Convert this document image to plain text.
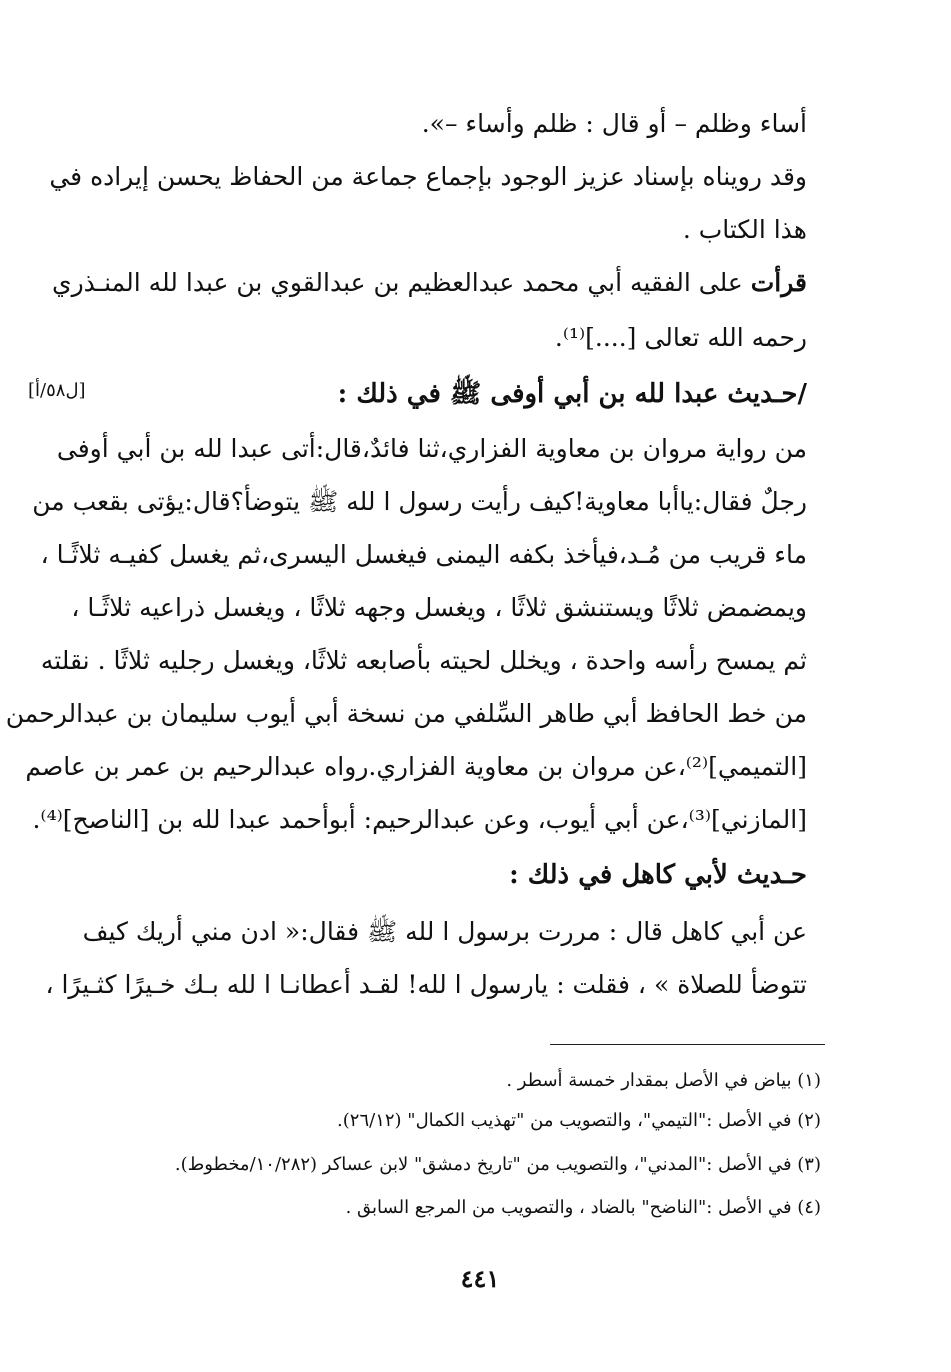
أساء وظلم – أو قال : ظلم وأساء –».
وقد رويناه بإسناد عزيز الوجود بإجماع جماعة من الحفاظ يحسن إيراده في
هذا الكتاب .
قرأت على الفقيه أبي محمد عبدالعظيم بن عبدالقوي بن عبدا لله المنـذري
رحمه الله تعالى [....]⁽¹⁾.
/حـديث عبدا لله بن أبي أوفى ﷺ في ذلك :
[ل٥٨/أ]
من رواية مروان بن معاوية الفزاري،ثنا فائدٌ،قال:أتى عبدا لله بن أبي أوفى
رجلٌ فقال:ياأبا معاوية!كيف رأيت رسول ا لله ﷺ يتوضأ؟قال:يؤتى بقعب من
ماء قريب من مُـد،فيأخذ بكفه اليمنى فيغسل اليسرى،ثم يغسل كفيـه ثلاثًـا ،
ويمضمض ثلاثًا ويستنشق ثلاثًا ، ويغسل وجهه ثلاثًا ، ويغسل ذراعيه ثلاثًـا ،
ثم يمسح رأسه واحدة ، ويخلل لحيته بأصابعه ثلاثًا، ويغسل رجليه ثلاثًا . نقلته
من خط الحافظ أبي طاهر السِّلفي من نسخة أبي أيوب سليمان بن عبدالرحمن
[التميمي]⁽²⁾،عن مروان بن معاوية الفزاري.رواه عبدالرحيم بن عمر بن عاصم
[المازني]⁽³⁾،عن أبي أيوب، وعن عبدالرحيم: أبوأحمد عبدا لله بن [الناصح]⁽⁴⁾.
حـديث لأبي كاهل في ذلك :
عن أبي كاهل قال : مررت برسول ا لله ﷺ فقال:« ادن مني أريك كيف
تتوضأ للصلاة » ، فقلت : يارسول ا لله! لقـد أعطانـا ا لله بـك خـيرًا كثـيرًا ،
(١) بياض في الأصل بمقدار خمسة أسطر .
(٢) في الأصل :"التيمي"، والتصويب من "تهذيب الكمال" (٢٦/١٢).
(٣) في الأصل :"المدني"، والتصويب من "تاريخ دمشق" لابن عساكر (١٠/٢٨٢/مخطوط).
(٤) في الأصل :"الناضح" بالضاد ، والتصويب من المرجع السابق .
٤٤١
